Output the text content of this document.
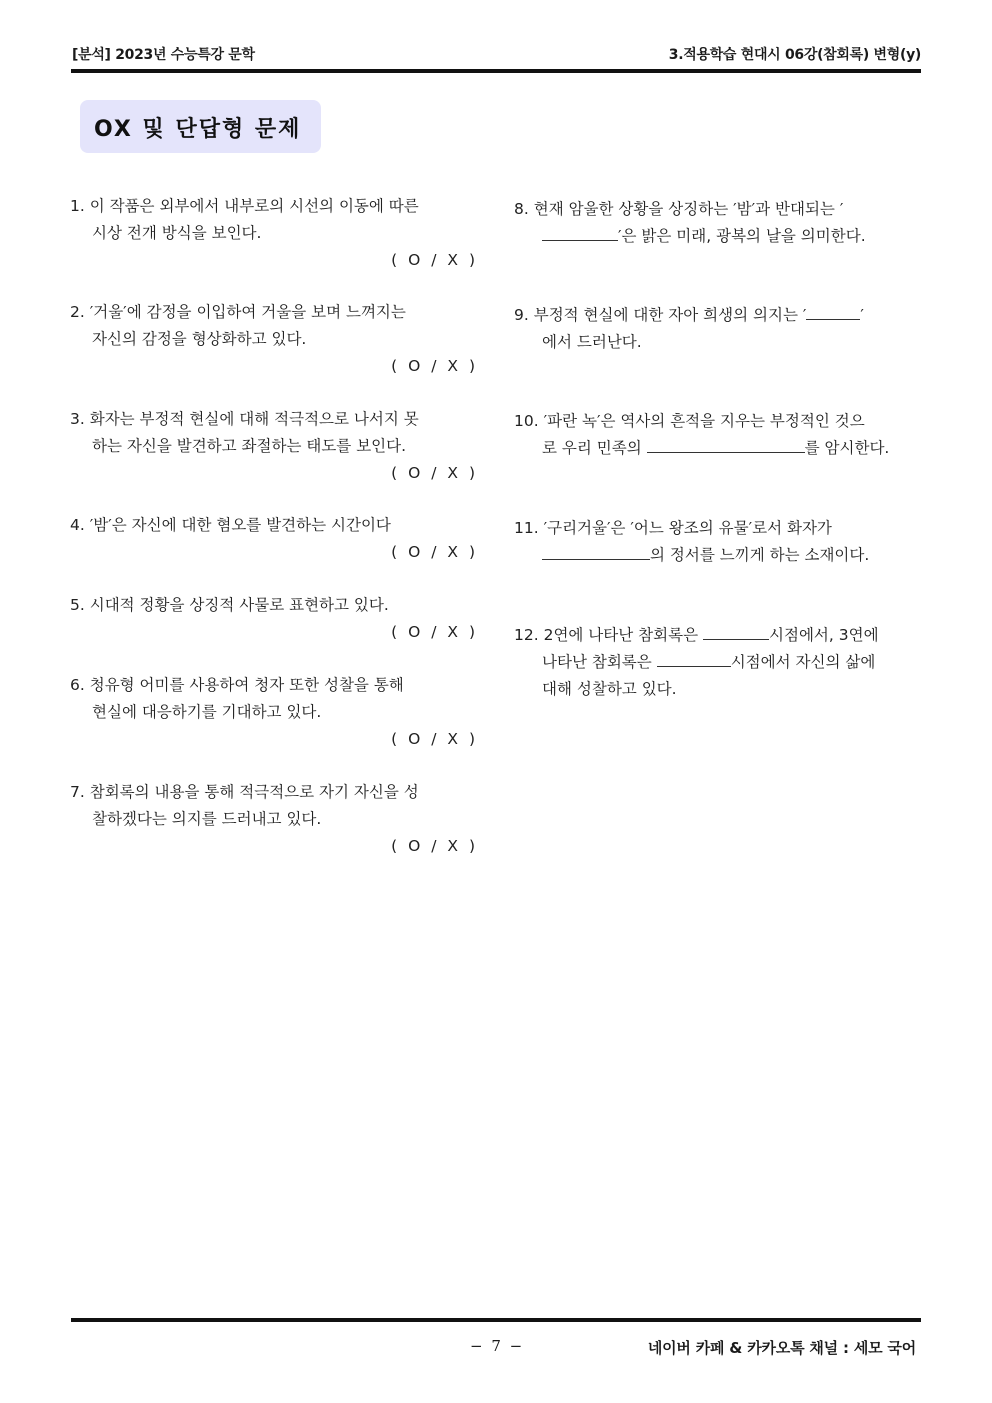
[분석] 2023년 수능특강 문학	3.적용학습 현대시 06강(참회록) 변형(y)
OX 및 단답형 문제
1. 이 작품은 외부에서 내부로의 시선의 이동에 따른
시상 전개 방식을 보인다.
( O / X )
2. ′거울′에 감정을 이입하여 거울을 보며 느껴지는
자신의 감정을 형상화하고 있다.
( O / X )
3. 화자는 부정적 현실에 대해 적극적으로 나서지 못
하는 자신을 발견하고 좌절하는 태도를 보인다.
( O / X )
4. ′밤′은 자신에 대한 혐오를 발견하는 시간이다
( O / X )
5. 시대적 정황을 상징적 사물로 표현하고 있다.
( O / X )
6. 청유형 어미를 사용하여 청자 또한 성찰을 통해
현실에 대응하기를 기대하고 있다.
( O / X )
7. 참회록의 내용을 통해 적극적으로 자기 자신을 성
찰하겠다는 의지를 드러내고 있다.
( O / X )
8. 현재 암울한 상황을 상징하는 ′밤′과 반대되는 ′
′은 밝은 미래, 광복의 날을 의미한다.
9. 부정적 현실에 대한 자아 희생의 의지는 ′	′
에서 드러난다.
10. ′파란 녹′은 역사의 흔적을 지우는 부정적인 것으
로 우리 민족의	를 암시한다.
11. ′구리거울′은 ′어느 왕조의 유물′로서 화자가
의 정서를 느끼게 하는 소재이다.
12. 2연에 나타난 참회록은	시점에서, 3연에
나타난 참회록은	시점에서 자신의 삶에
대해 성찰하고 있다.
− 7 −	네이버 카페 & 카카오톡 채널 : 세모 국어
